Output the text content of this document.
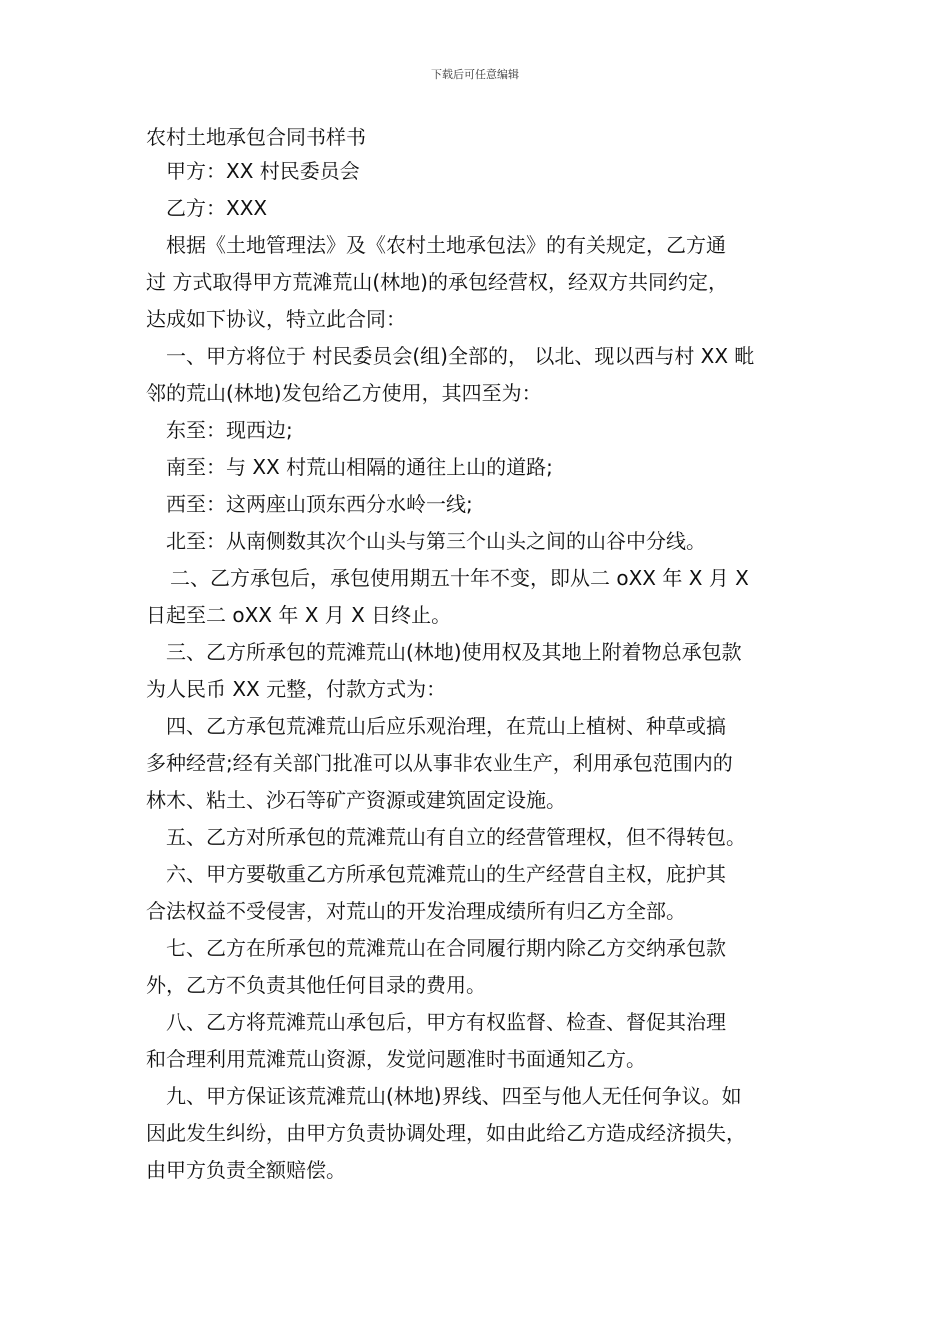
下载后可任意编辑
农村土地承包合同书样书
甲方：XX 村民委员会
乙方：XXX
根据《土地管理法》及《农村土地承包法》的有关规定，乙方通
过 方式取得甲方荒滩荒山(林地)的承包经营权，经双方共同约定，
达成如下协议，特立此合同：
一、甲方将位于 村民委员会(组)全部的， 以北、现以西与村 XX 毗
邻的荒山(林地)发包给乙方使用，其四至为：
东至：现西边;
南至：与 XX 村荒山相隔的通往上山的道路;
西至：这两座山顶东西分水岭一线;
北至：从南侧数其次个山头与第三个山头之间的山谷中分线。
二、乙方承包后，承包使用期五十年不变，即从二 oXX 年 X 月 X
日起至二 oXX 年 X 月 X 日终止。
三、乙方所承包的荒滩荒山(林地)使用权及其地上附着物总承包款
为人民币 XX 元整，付款方式为：
四、乙方承包荒滩荒山后应乐观治理，在荒山上植树、种草或搞
多种经营;经有关部门批准可以从事非农业生产，利用承包范围内的
林木、粘土、沙石等矿产资源或建筑固定设施。
五、乙方对所承包的荒滩荒山有自立的经营管理权，但不得转包。
六、甲方要敬重乙方所承包荒滩荒山的生产经营自主权，庇护其
合法权益不受侵害，对荒山的开发治理成绩所有归乙方全部。
七、乙方在所承包的荒滩荒山在合同履行期内除乙方交纳承包款
外，乙方不负责其他任何目录的费用。
八、乙方将荒滩荒山承包后，甲方有权监督、检查、督促其治理
和合理利用荒滩荒山资源，发觉问题准时书面通知乙方。
九、甲方保证该荒滩荒山(林地)界线、四至与他人无任何争议。如
因此发生纠纷，由甲方负责协调处理，如由此给乙方造成经济损失，
由甲方负责全额赔偿。
